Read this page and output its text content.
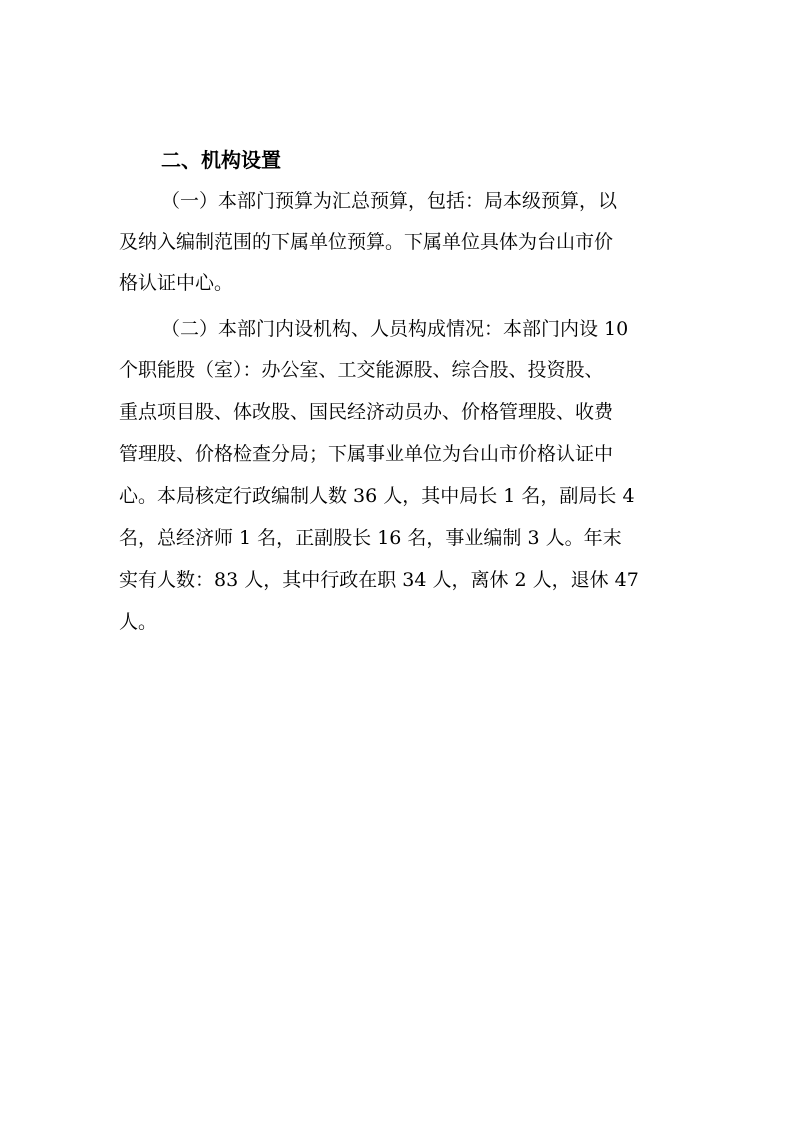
二、机构设置
（一）本部门预算为汇总预算，包括：局本级预算，以
及纳入编制范围的下属单位预算。下属单位具体为台山市价
格认证中心。
（二）本部门内设机构、人员构成情况：本部门内设 10
个职能股（室）：办公室、工交能源股、综合股、投资股、
重点项目股、体改股、国民经济动员办、价格管理股、收费
管理股、价格检查分局；下属事业单位为台山市价格认证中
心。本局核定行政编制人数 36 人，其中局长 1 名，副局长 4
名，总经济师 1 名，正副股长 16 名，事业编制 3 人。年末
实有人数：83 人，其中行政在职 34 人，离休 2 人，退休 47
人。
